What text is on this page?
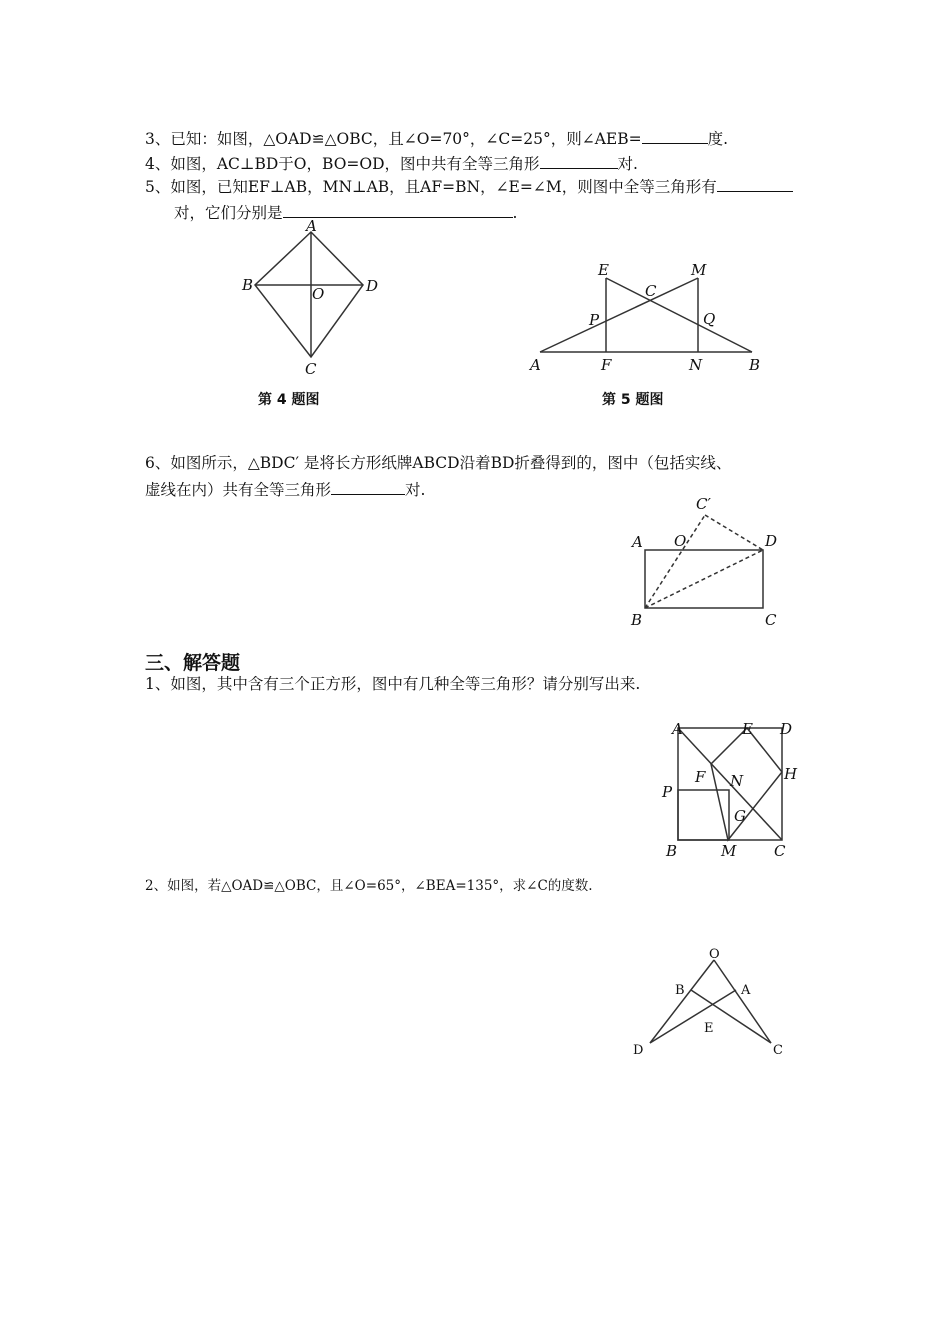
3、已知：如图，△OAD≌△OBC，且∠O=70°，∠C=25°，则∠AEB=	度.
4、如图，AC⊥BD于O，BO=OD，图中共有全等三角形	对.
5、如图，已知EF⊥AB，MN⊥AB，且AF=BN，∠E=∠M，则图中全等三角形有
对，它们分别是	.
A
B	D
O
C
第 4 题图
E	M
C
P	Q
A	F	N	B
第 5 题图
6、如图所示，△BDC′ 是将长方形纸牌ABCD沿着BD折叠得到的，图中（包括实线、
虚线在内）共有全等三角形	对.
C′
A O	D
B	C
三、解答题
1、如图，其中含有三个正方形，图中有几种全等三角形？请分别写出来.
A	E D
F N	H
P
G
B	M	C
2、如图，若△OAD≌△OBC，且∠O=65°，∠BEA=135°，求∠C的度数.
O
B	A
E
D	C
